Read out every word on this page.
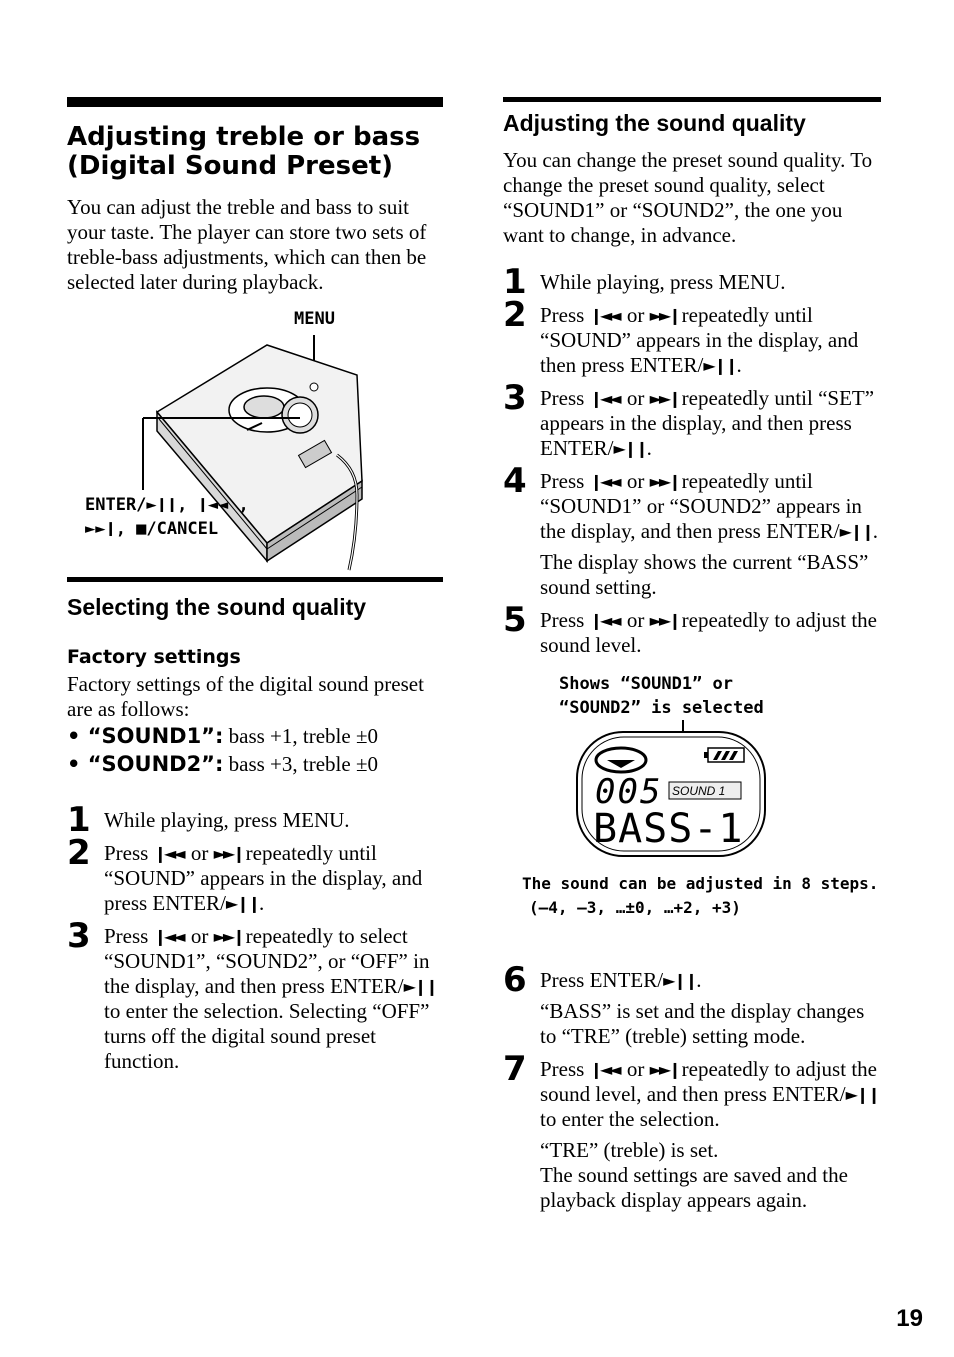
Adjusting treble or bass
(Digital Sound Preset)

You can adjust the treble and bass to suit your taste. The player can store two sets of treble-bass adjustments, which can then be selected later during playback.

MENU
ENTER/►❙❙, ❙◄◄ ,
►►❙, ■/CANCEL
Selecting the sound quality
Factory settings

Factory settings of the digital sound preset are as follows:

• “SOUND1”: bass +1, treble ±0
• “SOUND2”: bass +3, treble ±0
1 While playing, press MENU.
2 Press ❙◄◄ or ►►❙ repeatedly until “SOUND” appears in the display, and press ENTER/►❙❙.
3 Press ❙◄◄ or ►►❙ repeatedly to select “SOUND1”, “SOUND2”, or “OFF” in the display, and then press ENTER/►❙❙ to enter the selection. Selecting “OFF” turns off the digital sound preset function.
Adjusting the sound quality

You can change the preset sound quality. To change the preset sound quality, select “SOUND1” or “SOUND2”, the one you want to change, in advance.

1 While playing, press MENU.
2 Press ❙◄◄ or ►►❙ repeatedly until “SOUND” appears in the display, and then press ENTER/►❙❙.
3 Press ❙◄◄ or ►►❙ repeatedly until “SET” appears in the display, and then press ENTER/►❙❙.
4 Press ❙◄◄ or ►►❙ repeatedly until “SOUND1” or “SOUND2” appears in the display, and then press ENTER/►❙❙.
The display shows the current “BASS” sound setting.
5 Press ❙◄◄ or ►►❙ repeatedly to adjust the sound level.
Shows “SOUND1” or
“SOUND2” is selected
005 SOUND 1
BASS-1
The sound can be adjusted in 8 steps.
(–4, –3, …±0, …+2, +3)
6 Press ENTER/►❙❙.
“BASS” is set and the display changes to “TRE” (treble) setting mode.
7 Press ❙◄◄ or ►►❙ repeatedly to adjust the sound level, and then press ENTER/►❙❙ to enter the selection.
“TRE” (treble) is set.
The sound settings are saved and the playback display appears again.
19
